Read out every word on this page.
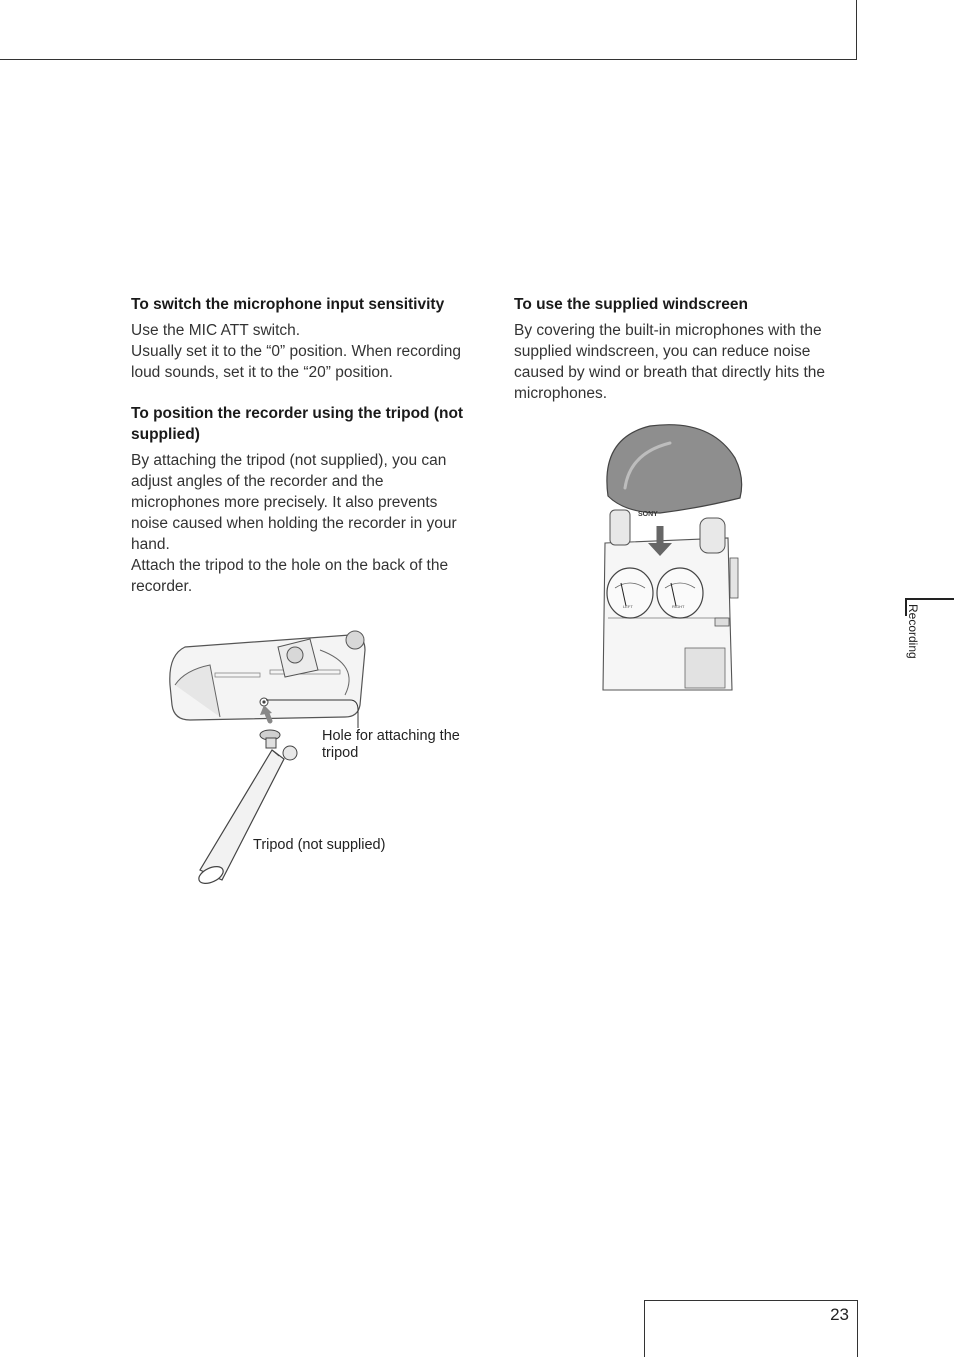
To switch the microphone input sensitivity

Use the MIC ATT switch.

Usually set it to the “0” position. When recording loud sounds, set it to the “20” position.

To position the recorder using the tripod (not supplied)

By attaching the tripod (not supplied), you can adjust angles of the recorder and the microphones more precisely. It also prevents noise caused when holding the recorder in your hand.

Attach the tripod to the hole on the back of the recorder.

To use the supplied windscreen

By covering the built-in microphones with the supplied windscreen, you can reduce noise caused by wind or breath that directly hits the microphones.

Hole for attaching the tripod
Tripod (not supplied)
LEFT	RIGHT
SONY
Recording
23
